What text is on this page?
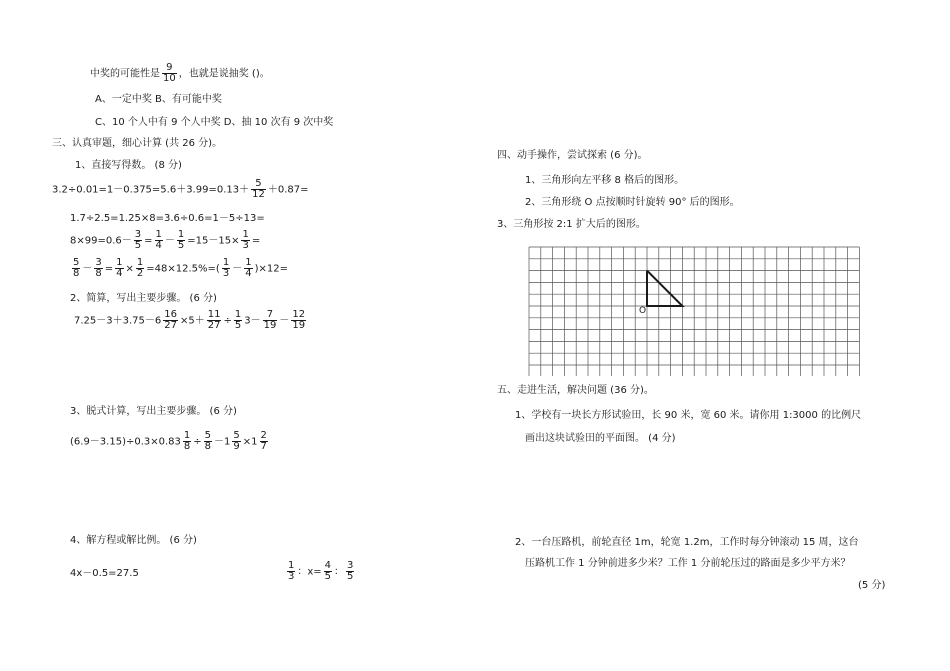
中奖的可能性是 $\frac{9}{10}$ ，也就是说抽奖 ()。
A、一定中奖 B、有可能中奖
C、10 个人中有 9 个人中奖 D、抽 10 次有 9 次中奖
三、认真审题，细心计算 (共 26 分)。
1、直接写得数。 (8 分)
$3.2\div 0.01=1-0.375=5.6+3.99=0.13+ \frac{5}{12} +0.87=$
1.7÷2.5=1.25×8=3.6÷0.6=1－5÷13=
$8\times 99=0.6- \frac{3}{5} = \frac{1}{4} - \frac{1}{5} =15-15\times \frac{1}{3}$ =
$\frac{5}{8} - \frac{3}{8} = \frac{1}{4} \times \frac{1}{2} =48\times 12.5\%=( \frac{1}{3} - \frac{1}{4} )\times 12=$
2、简算，写出主要步骤。 (6 分)
$7.25-3+3.75-6 \frac{16}{27} \times 5+ \frac{11}{27} \div \frac{1}{5} 3- \frac{7}{19} - \frac{12}{19}$
3、脱式计算，写出主要步骤。 (6 分)
$(6.9-3.15)\div 0.3\times 0.83 \frac{1}{8} \div \frac{5}{8} -1 \frac{5}{9} \times 1 \frac{2}{7}$
4、解方程或解比例。 (6 分)
4x－0.5=27.5	$\frac{1}{3}$ ：$x= \frac{4}{5}$ ： $\frac{3}{5}$
四、动手操作，尝试探索 (6 分)。
1、三角形向左平移 8 格后的图形。
2、三角形绕 O 点按顺时针旋转 90° 后的图形。
3、三角形按 2:1 扩大后的图形。
O
五、走进生活，解决问题 (36 分)。
1、学校有一块长方形试验田，长 90 米，宽 60 米。请你用 1:3000 的比例尺
画出这块试验田的平面图。 (4 分)
2、一台压路机，前轮直径 1m，轮宽 1.2m，工作时每分钟滚动 15 周，这台
压路机工作 1 分钟前进多少米？工作 1 分前轮压过的路面是多少平方米？
(5 分)
